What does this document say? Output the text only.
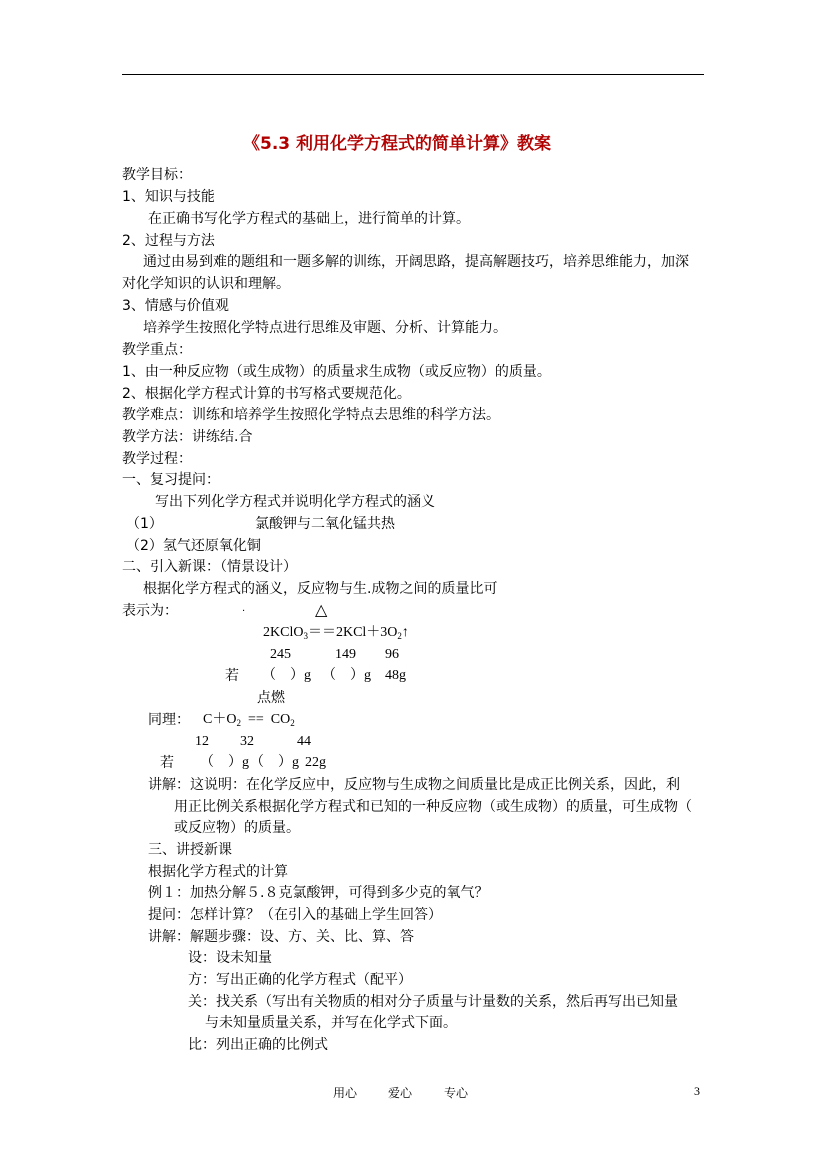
《5.3 利用化学方程式的简单计算》教案
教学目标：
1、知识与技能
在正确书写化学方程式的基础上，进行简单的计算。
2、过程与方法
通过由易到难的题组和一题多解的训练，开阔思路，提高解题技巧，培养思维能力，加深
对化学知识的认识和理解。
3、情感与价值观
培养学生按照化学特点进行思维及审题、分析、计算能力。
教学重点：
1、由一种反应物（或生成物）的质量求生成物（或反应物）的质量。
2、根据化学方程式计算的书写格式要规范化。
教学难点：训练和培养学生按照化学特点去思维的科学方法。
教学方法：讲练结.合
教学过程：
一、复习提问：
写出下列化学方程式并说明化学方程式的涵义
（1）	氯酸钾与二氧化锰共热
（2）氢气还原氧化铜
二、引入新课：（情景设计）
根据化学方程式的涵义，反应物与生.成物之间的质量比可
表示为：	.	△
$2KClO_3==2KCl+3O_2↑$
245	149 96
若 （　）g （　）g 48g
点燃
同理： $C+O_2 == CO_2$
12 32	44
若 （　）g （　）g 22g
讲解：这说明：在化学反应中，反应物与生成物之间质量比是成正比例关系，因此，利
用正比例关系根据化学方程式和已知的一种反应物（或生成物）的质量，可生成物（
或反应物）的质量。
三、讲授新课
根据化学方程式的计算
例１：加热分解５.８克氯酸钾，可得到多少克的氧气？
提问：怎样计算？（在引入的基础上学生回答）
讲解：解题步骤：设、方、关、比、算、答
设：设未知量
方：写出正确的化学方程式（配平）
关：找关系（写出有关物质的相对分子质量与计量数的关系，然后再写出已知量
与未知量质量关系，并写在化学式下面。
比：列出正确的比例式
用心	爱心	专心	3
